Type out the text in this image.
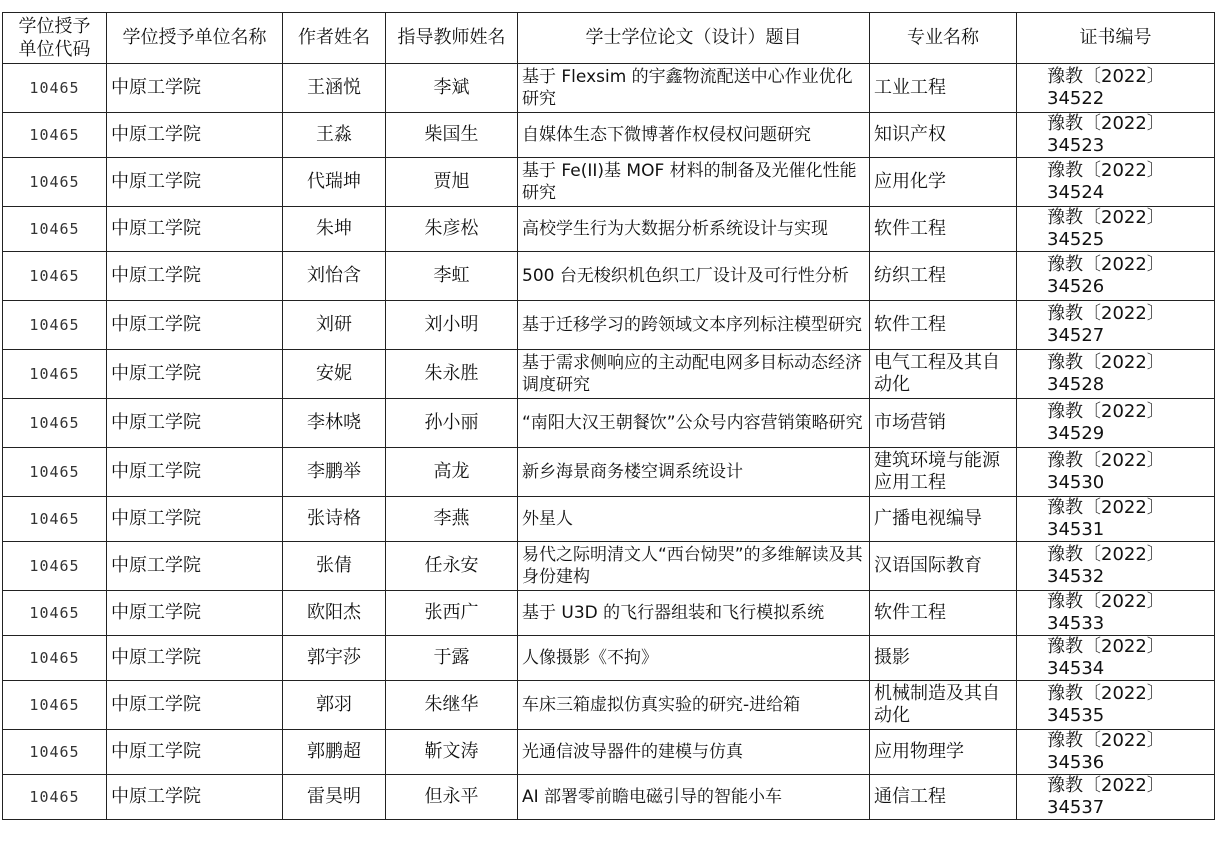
学位授予
单位代码	学位授予单位名称	作者姓名	指导教师姓名	学士学位论文（设计）题目	专业名称	证书编号
10465	中原工学院	王涵悦	李斌	基于 Flexsim 的宇鑫物流配送中心作业优化研究	工业工程	豫教〔2022〕34522
10465	中原工学院	王淼	柴国生	自媒体生态下微博著作权侵权问题研究	知识产权	豫教〔2022〕34523
10465	中原工学院	代瑞坤	贾旭	基于 Fe(II)基 MOF 材料的制备及光催化性能研究	应用化学	豫教〔2022〕34524
10465	中原工学院	朱坤	朱彦松	高校学生行为大数据分析系统设计与实现	软件工程	豫教〔2022〕34525
10465	中原工学院	刘怡含	李虹	500 台无梭织机色织工厂设计及可行性分析	纺织工程	豫教〔2022〕34526
10465	中原工学院	刘研	刘小明	基于迁移学习的跨领域文本序列标注模型研究	软件工程	豫教〔2022〕34527
10465	中原工学院	安妮	朱永胜	基于需求侧响应的主动配电网多目标动态经济调度研究	电气工程及其自动化	豫教〔2022〕34528
10465	中原工学院	李林哓	孙小丽	“南阳大汉王朝餐饮”公众号内容营销策略研究	市场营销	豫教〔2022〕34529
10465	中原工学院	李鹏举	高龙	新乡海景商务楼空调系统设计	建筑环境与能源应用工程	豫教〔2022〕34530
10465	中原工学院	张诗格	李燕	外星人	广播电视编导	豫教〔2022〕34531
10465	中原工学院	张倩	任永安	易代之际明清文人“西台恸哭”的多维解读及其身份建构	汉语国际教育	豫教〔2022〕34532
10465	中原工学院	欧阳杰	张西广	基于 U3D 的飞行器组装和飞行模拟系统	软件工程	豫教〔2022〕34533
10465	中原工学院	郭宇莎	于露	人像摄影《不拘》	摄影	豫教〔2022〕34534
10465	中原工学院	郭羽	朱继华	车床三箱虚拟仿真实验的研究-进给箱	机械制造及其自动化	豫教〔2022〕34535
10465	中原工学院	郭鹏超	靳文涛	光通信波导器件的建模与仿真	应用物理学	豫教〔2022〕34536
10465	中原工学院	雷昊明	但永平	AI 部署零前瞻电磁引导的智能小车	通信工程	豫教〔2022〕34537
